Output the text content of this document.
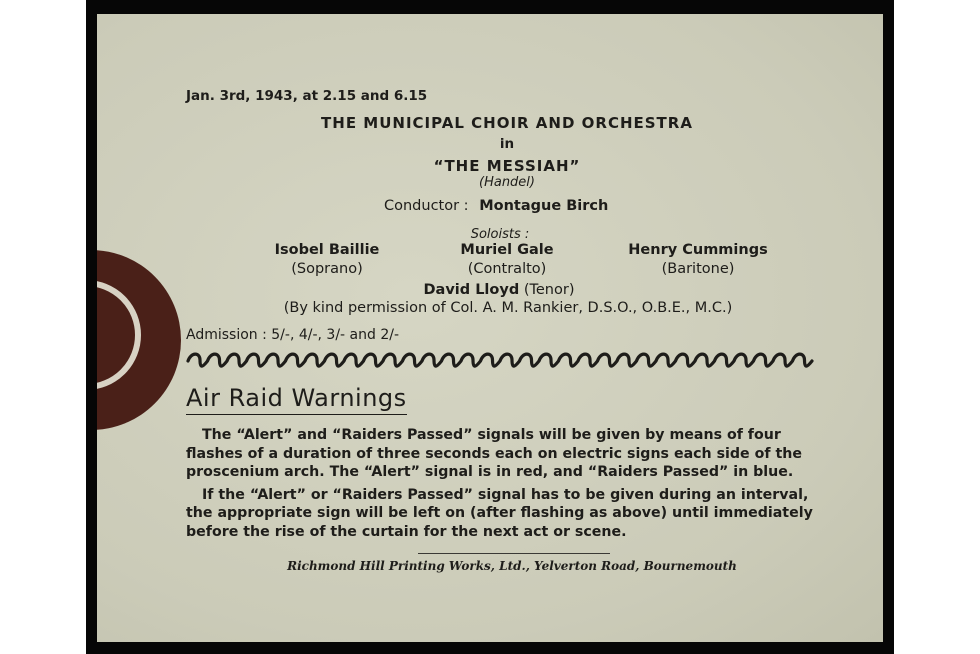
Jan. 3rd, 1943, at 2.15 and 6.15
THE MUNICIPAL CHOIR AND ORCHESTRA
in
“THE MESSIAH”
(Handel)
Conductor : Montague Birch
Soloists :
Isobel Baillie
(Soprano)
Muriel Gale
(Contralto)
Henry Cummings
(Baritone)
David Lloyd (Tenor)
(By kind permission of Col. A. M. Rankier, D.S.O., O.B.E., M.C.)
Admission : 5/-, 4/-, 3/- and 2/-
Air Raid Warnings

The “Alert” and “Raiders Passed” signals will be given by means of four flashes of a duration of three seconds each on electric signs each side of the proscenium arch. The “Alert” signal is in red, and “Raiders Passed” in blue.

If the “Alert” or “Raiders Passed” signal has to be given during an interval, the appropriate sign will be left on (after flashing as above) until immediately before the rise of the curtain for the next act or scene.

Richmond Hill Printing Works, Ltd., Yelverton Road, Bournemouth
